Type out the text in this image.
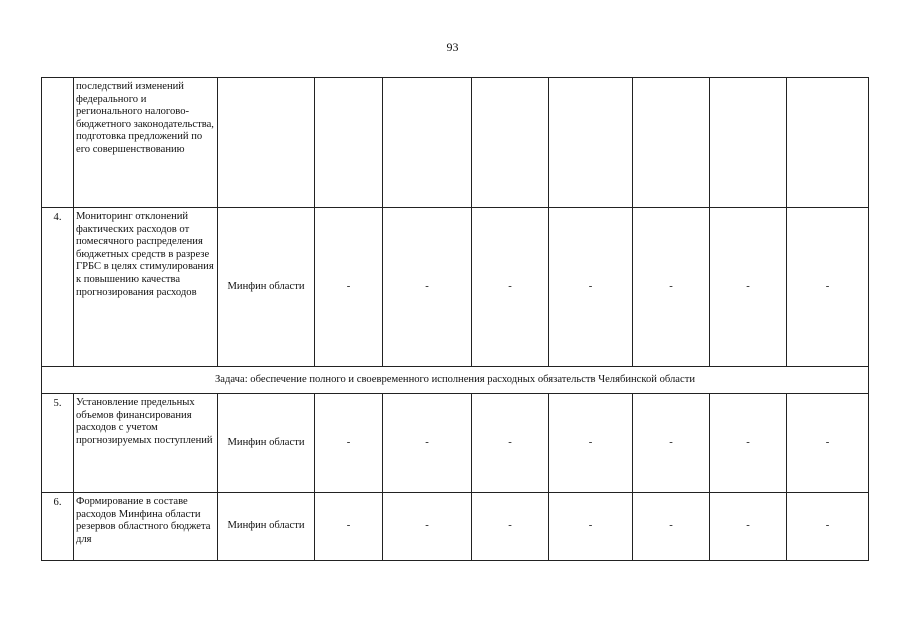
93
	последствий изменений федерального и регионального налогово-бюджетного законодательства, подготовка предложений по его совершенствованию								
4.	Мониторинг отклонений фактических расходов от помесячного распределения бюджетных средств в разрезе ГРБС в целях стимулирования к повышению качества прогнозирования расходов	Минфин области	-	-	-	-	-	-	-
Задача: обеспечение полного и своевременного исполнения расходных обязательств Челябинской области									
5.	Установление предельных объемов финансирования расходов с учетом прогнозируемых поступлений	Минфин области	-	-	-	-	-	-	-
6.	Формирование в составе расходов Минфина области резервов областного бюджета для	Минфин области	-	-	-	-	-	-	-
